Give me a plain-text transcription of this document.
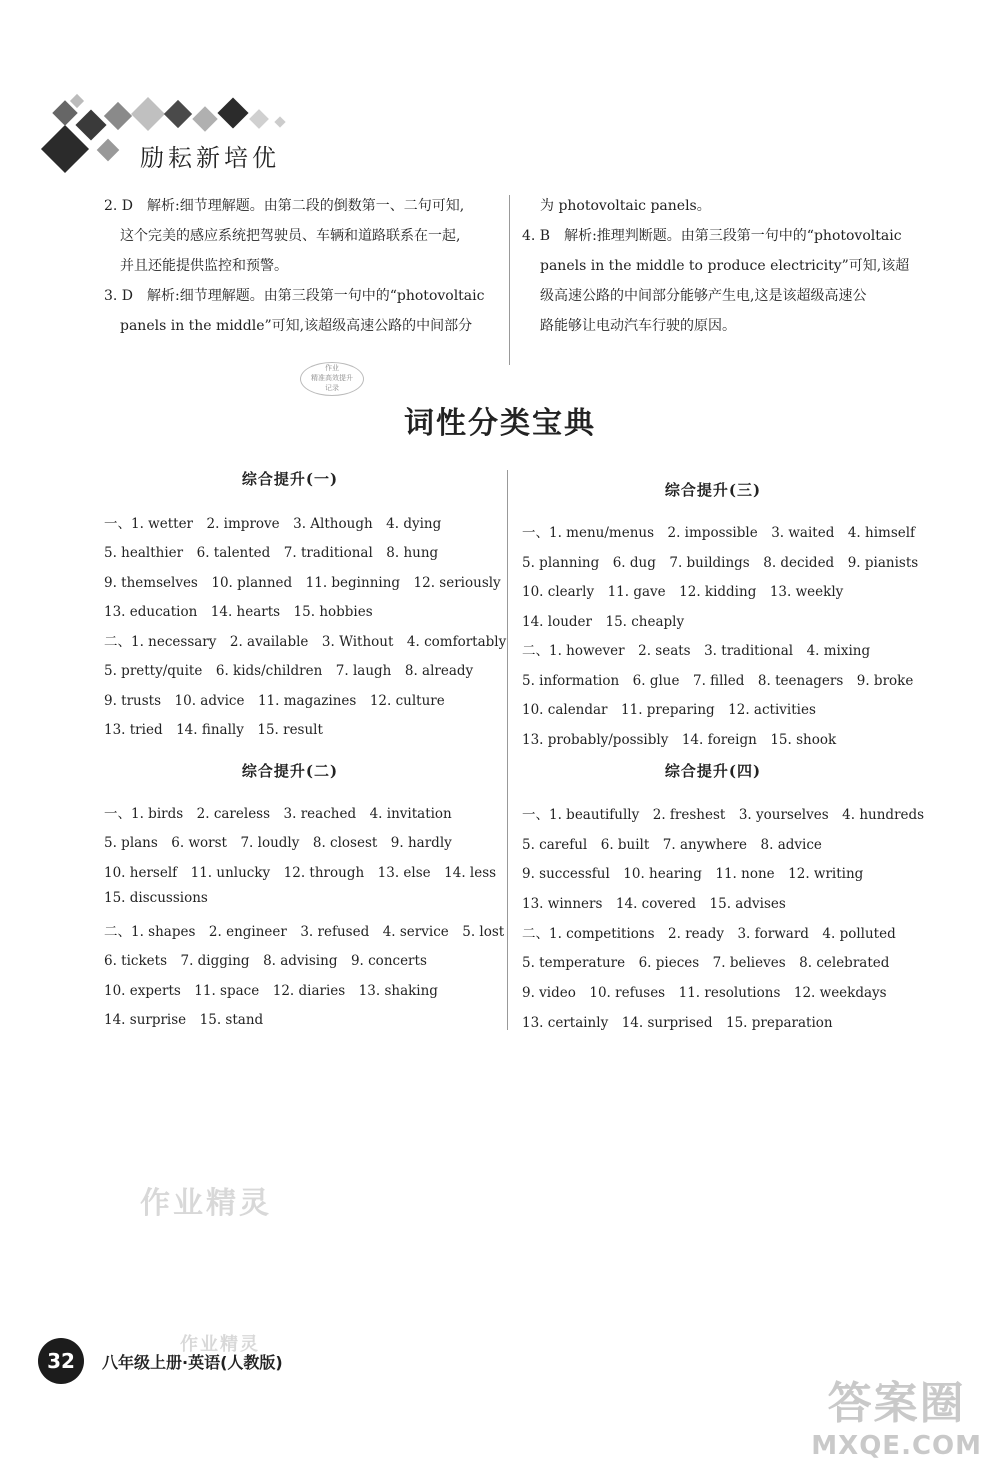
励耘新培优
2. D　解析:细节理解题。由第二段的倒数第一、二句可知,
这个完美的感应系统把驾驶员、车辆和道路联系在一起,
并且还能提供监控和预警。
3. D　解析:细节理解题。由第三段第一句中的“photovoltaic
panels in the middle”可知,该超级高速公路的中间部分
为 photovoltaic panels。
4. B　解析:推理判断题。由第三段第一句中的“photovoltaic
panels in the middle to produce electricity”可知,该超
级高速公路的中间部分能够产生电,这是该超级高速公
路能够让电动汽车行驶的原因。
作业
精准高效提升
记录
词性分类宝典
综合提升(一)
一、1. wetter　2. improve　3. Although　4. dying
5. healthier　6. talented　7. traditional　8. hung
9. themselves　10. planned　11. beginning　12. seriously
13. education　14. hearts　15. hobbies
二、1. necessary　2. available　3. Without　4. comfortably
5. pretty/quite　6. kids/children　7. laugh　8. already
9. trusts　10. advice　11. magazines　12. culture
13. tried　14. finally　15. result
综合提升(二)
一、1. birds　2. careless　3. reached　4. invitation
5. plans　6. worst　7. loudly　8. closest　9. hardly
10. herself　11. unlucky　12. through　13. else　14. less
15. discussions
二、1. shapes　2. engineer　3. refused　4. service　5. lost
6. tickets　7. digging　8. advising　9. concerts
10. experts　11. space　12. diaries　13. shaking
14. surprise　15. stand
综合提升(三)
一、1. menu/menus　2. impossible　3. waited　4. himself
5. planning　6. dug　7. buildings　8. decided　9. pianists
10. clearly　11. gave　12. kidding　13. weekly
14. louder　15. cheaply
二、1. however　2. seats　3. traditional　4. mixing
5. information　6. glue　7. filled　8. teenagers　9. broke
10. calendar　11. preparing　12. activities
13. probably/possibly　14. foreign　15. shook
综合提升(四)
一、1. beautifully　2. freshest　3. yourselves　4. hundreds
5. careful　6. built　7. anywhere　8. advice
9. successful　10. hearing　11. none　12. writing
13. winners　14. covered　15. advises
二、1. competitions　2. ready　3. forward　4. polluted
5. temperature　6. pieces　7. believes　8. celebrated
9. video　10. refuses　11. resolutions　12. weekdays
13. certainly　14. surprised　15. preparation
作业精灵
作业精灵
32	八年级上册·英语(人教版)
答案圈
MXQE.COM
